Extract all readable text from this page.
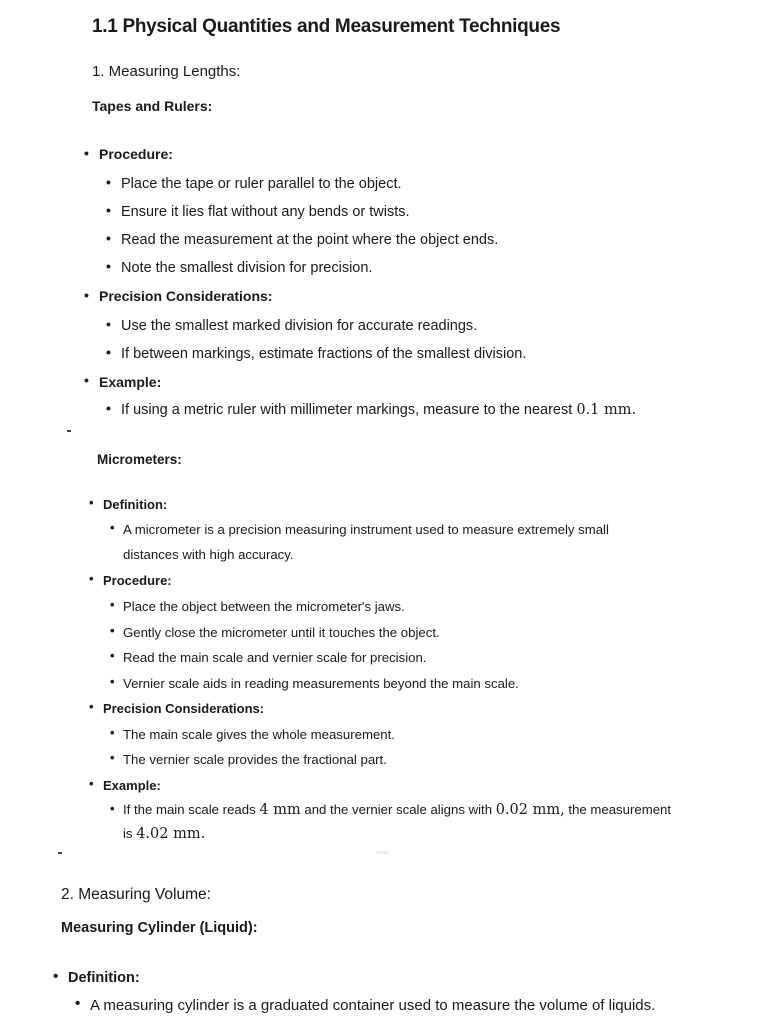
1.1 Physical Quantities and Measurement Techniques
1. Measuring Lengths:
Tapes and Rulers:
• Procedure:
• Place the tape or ruler parallel to the object.
• Ensure it lies flat without any bends or twists.
• Read the measurement at the point where the object ends.
• Note the smallest division for precision.
• Precision Considerations:
• Use the smallest marked division for accurate readings.
• If between markings, estimate fractions of the smallest division.
• Example:
• If using a metric ruler with millimeter markings, measure to the nearest 0.1 mm.
Micrometers:
• Definition:
• A micrometer is a precision measuring instrument used to measure extremely small
distances with high accuracy.
• Procedure:
• Place the object between the micrometer's jaws.
• Gently close the micrometer until it touches the object.
• Read the main scale and vernier scale for precision.
• Vernier scale aids in reading measurements beyond the main scale.
• Precision Considerations:
• The main scale gives the whole measurement.
• The vernier scale provides the fractional part.
• Example:
• If the main scale reads 4 mm and the vernier scale aligns with 0.02 mm, the measurement
is 4.02 mm.
2. Measuring Volume:
Measuring Cylinder (Liquid):
• Definition:
• A measuring cylinder is a graduated container used to measure the volume of liquids.
